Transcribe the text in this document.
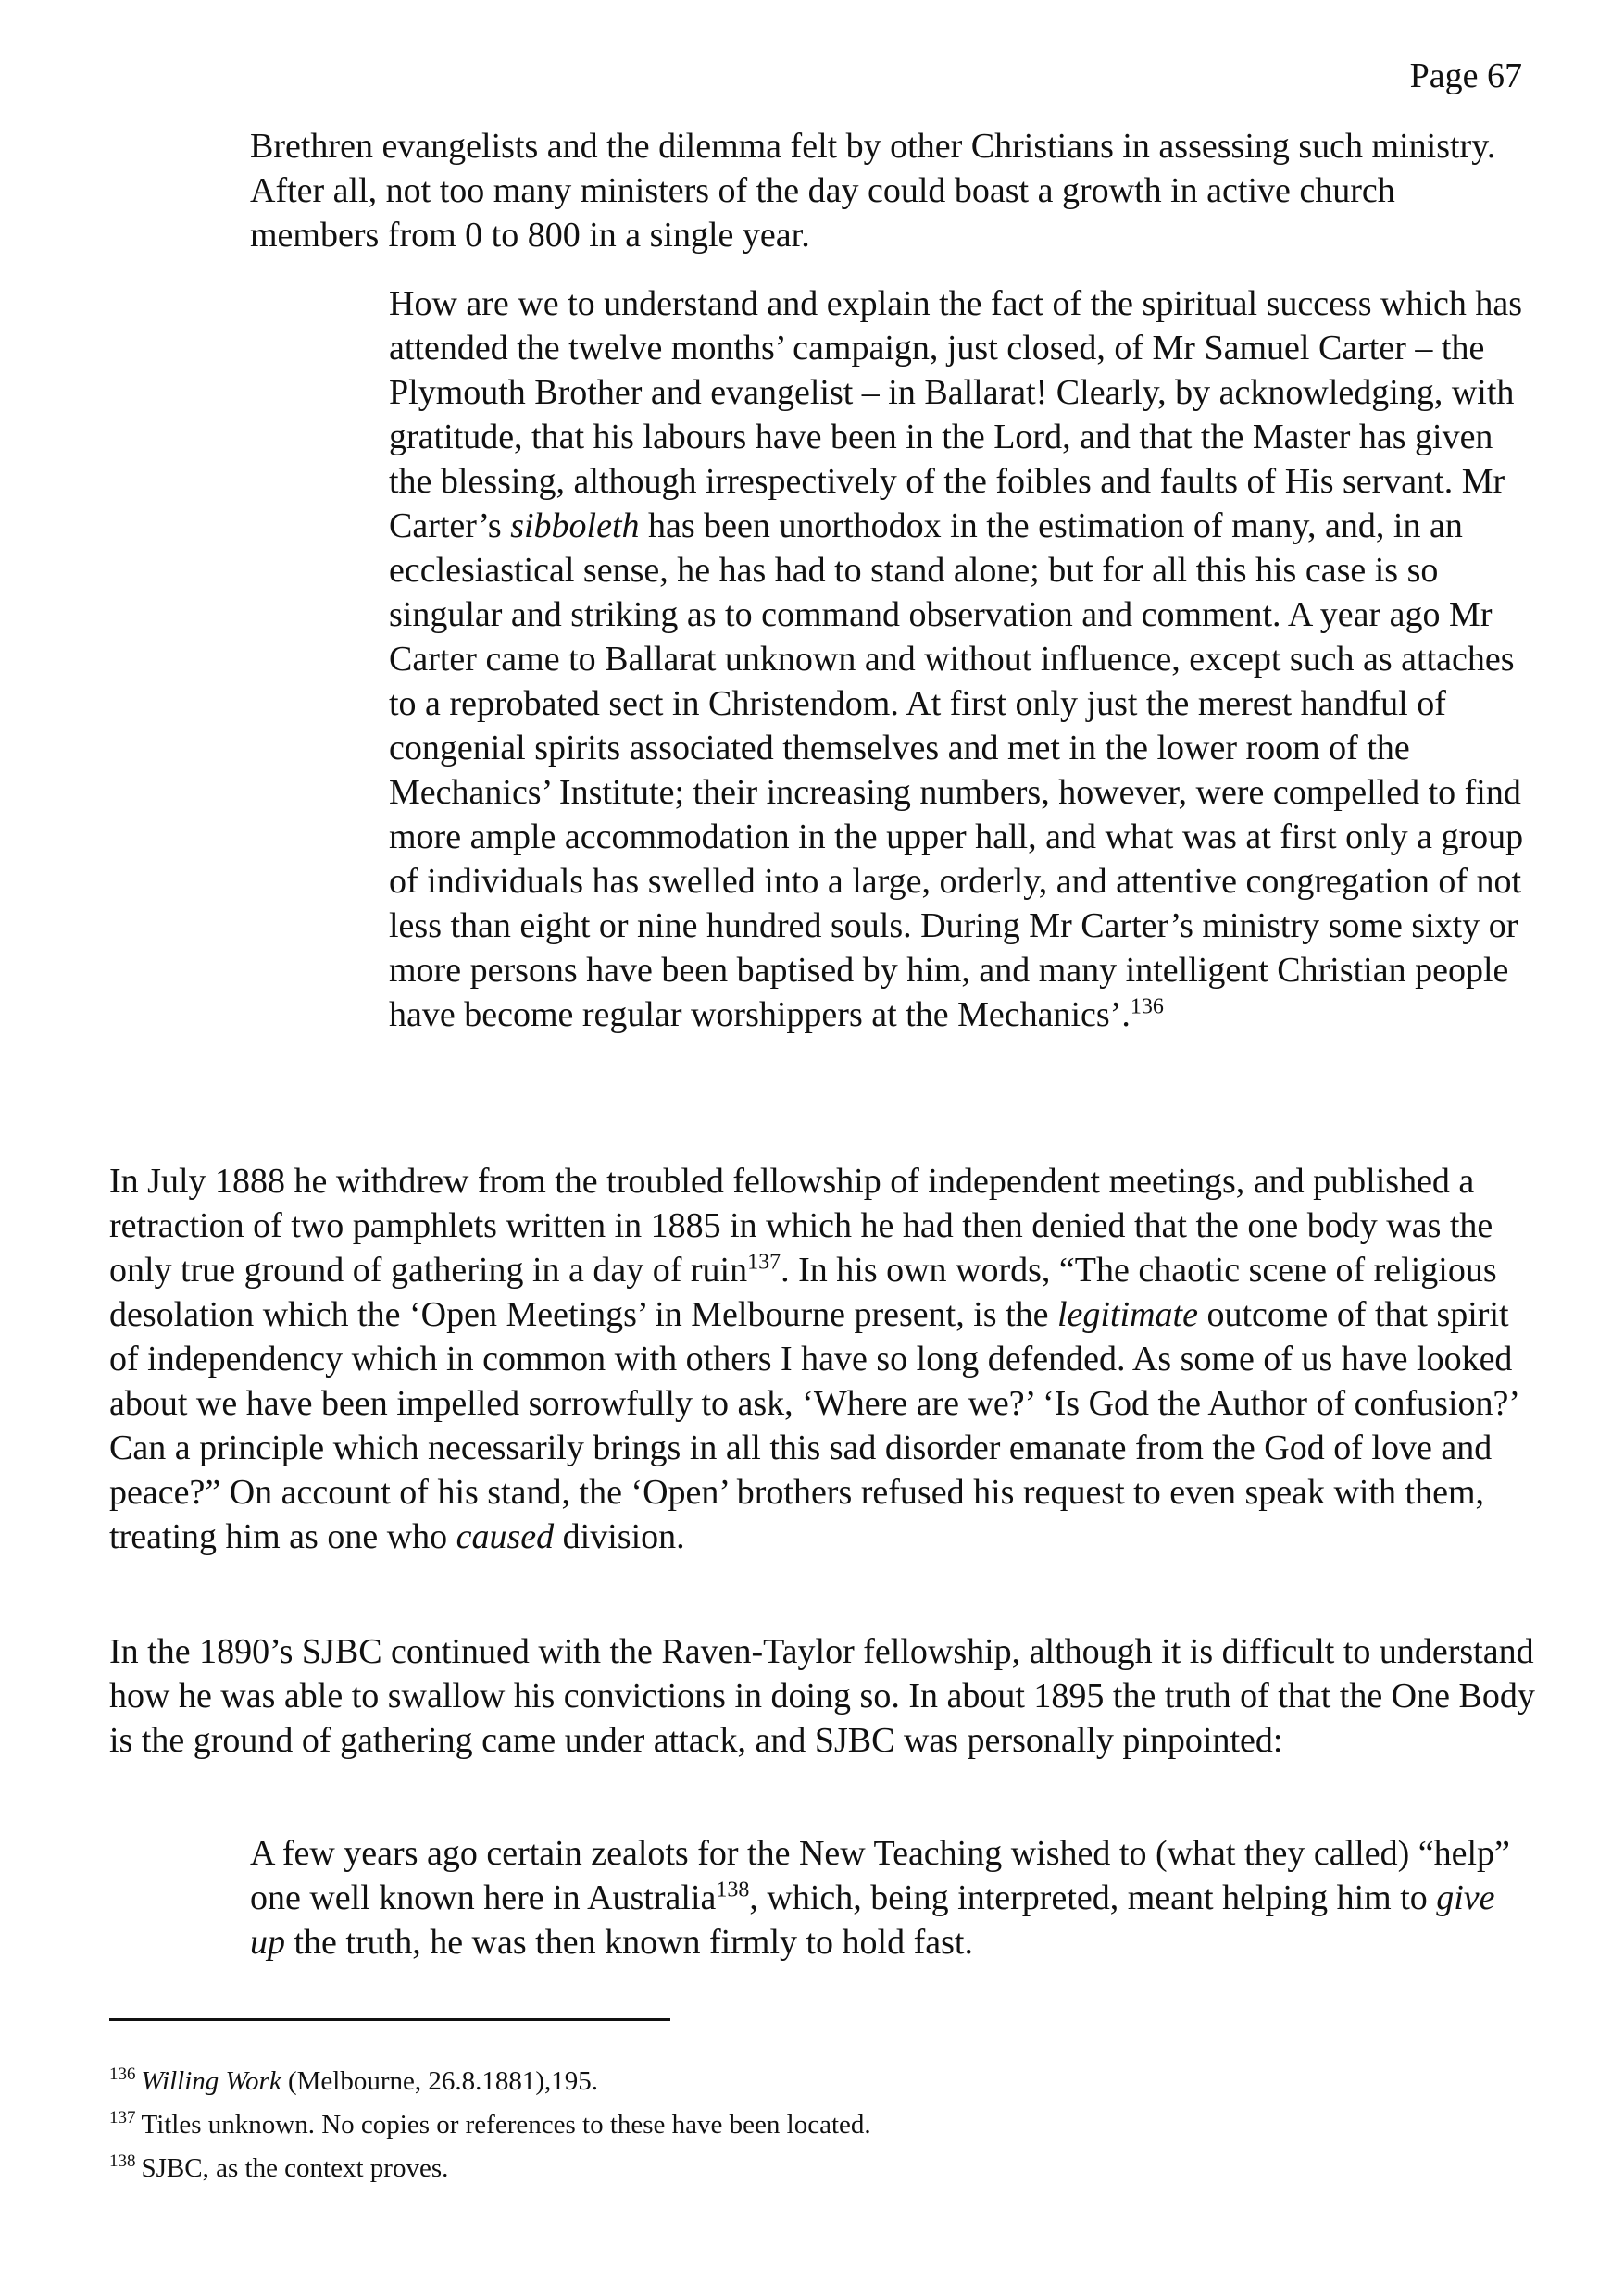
Page 67

Brethren evangelists and the dilemma felt by other Christians in assessing such ministry. After all, not too many ministers of the day could boast a growth in active church members from 0 to 800 in a single year.

How are we to understand and explain the fact of the spiritual success which has attended the twelve months’ campaign, just closed, of Mr Samuel Carter – the Plymouth Brother and evangelist – in Ballarat! Clearly, by acknowledging, with gratitude, that his labours have been in the Lord, and that the Master has given the blessing, although irrespectively of the foibles and faults of His servant. Mr Carter’s sibboleth has been unorthodox in the estimation of many, and, in an ecclesiastical sense, he has had to stand alone; but for all this his case is so singular and striking as to command observation and comment. A year ago Mr Carter came to Ballarat unknown and without influence, except such as attaches to a reprobated sect in Christendom. At first only just the merest handful of congenial spirits associated themselves and met in the lower room of the Mechanics’ Institute; their increasing numbers, however, were compelled to find more ample accommodation in the upper hall, and what was at first only a group of individuals has swelled into a large, orderly, and attentive congregation of not less than eight or nine hundred souls. During Mr Carter’s ministry some sixty or more persons have been baptised by him, and many intelligent Christian people have become regular worshippers at the Mechanics’.$^{136}$

In July 1888 he withdrew from the troubled fellowship of independent meetings, and published a retraction of two pamphlets written in 1885 in which he had then denied that the one body was the only true ground of gathering in a day of ruin$^{137}$. In his own words, “The chaotic scene of religious desolation which the ‘Open Meetings’ in Melbourne present, is the legitimate outcome of that spirit of independency which in common with others I have so long defended. As some of us have looked about we have been impelled sorrowfully to ask, ‘Where are we?’ ‘Is God the Author of confusion?’ Can a principle which necessarily brings in all this sad disorder emanate from the God of love and peace?” On account of his stand, the ‘Open’ brothers refused his request to even speak with them, treating him as one who caused division.

In the 1890’s SJBC continued with the Raven-Taylor fellowship, although it is difficult to understand how he was able to swallow his convictions in doing so. In about 1895 the truth of that the One Body is the ground of gathering came under attack, and SJBC was personally pinpointed:

A few years ago certain zealots for the New Teaching wished to (what they called) “help” one well known here in Australia$^{138}$, which, being interpreted, meant helping him to give up the truth, he was then known firmly to hold fast.

$^{136}$ Willing Work (Melbourne, 26.8.1881),195.
$^{137}$ Titles unknown. No copies or references to these have been located.
$^{138}$ SJBC, as the context proves.
